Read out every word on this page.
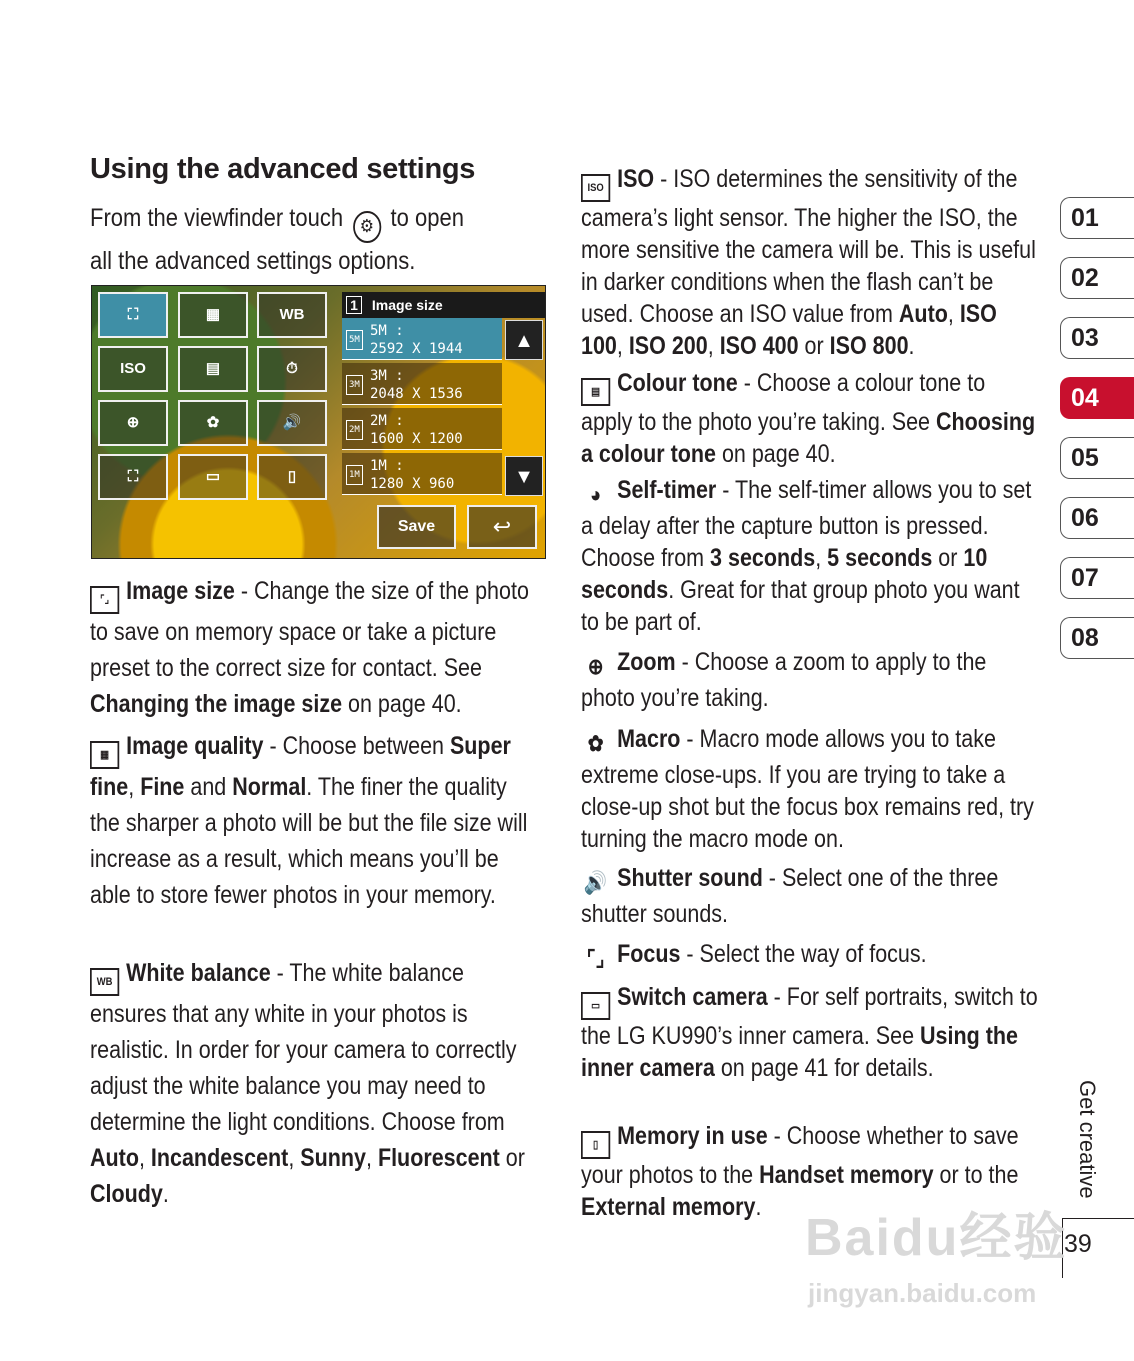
Using the advanced settings
From the viewfinder touch ⚙ to open all the advanced settings options.
⛶	▦	WB
ISO	▤	⏱
⊕	✿	🔊
⛶	▭	▯
1 Image size
5M
5M :
2592 X 1944
3M
3M :
2048 X 1536
2M
2M :
1600 X 1200
1M
1M :
1280 X 960
▲
▼
Save	↩
⌜⌟ Image size - Change the size of the photo to save on memory space or take a picture preset to the correct size for contact. See Changing the image size on page 40.
▦ Image quality - Choose between Super fine, Fine and Normal. The finer the quality the sharper a photo will be but the file size will increase as a result, which means you’ll be able to store fewer photos in your memory.
WB White balance - The white balance ensures that any white in your photos is realistic. In order for your camera to correctly adjust the white balance you may need to determine the light conditions. Choose from Auto, Incandescent, Sunny, Fluorescent or Cloudy.
ISO ISO - ISO determines the sensitivity of the camera’s light sensor. The higher the ISO, the more sensitive the camera will be. This is useful in darker conditions when the flash can’t be used. Choose an ISO value from Auto, ISO 100, ISO 200, ISO 400 or ISO 800.
▤ Colour tone - Choose a colour tone to apply to the photo you’re taking. See Choosing a colour tone on page 40.
◕ Self-timer - The self-timer allows you to set a delay after the capture button is pressed. Choose from 3 seconds, 5 seconds or 10 seconds. Great for that group photo you want to be part of.
⊕ Zoom - Choose a zoom to apply to the photo you’re taking.
✿ Macro - Macro mode allows you to take extreme close-ups. If you are trying to take a close-up shot but the focus box remains red, try turning the macro mode on.
🔊 Shutter sound - Select one of the three shutter sounds.
⌜⌟ Focus - Select the way of focus.
▭ Switch camera - For self portraits, switch to the LG KU990’s inner camera. See Using the inner camera on page 41 for details.
▯ Memory in use - Choose whether to save your photos to the Handset memory or to the External memory.
01
02
03
04
05
06
07
08
Get creative
39
Baidu经验
jingyan.baidu.com
